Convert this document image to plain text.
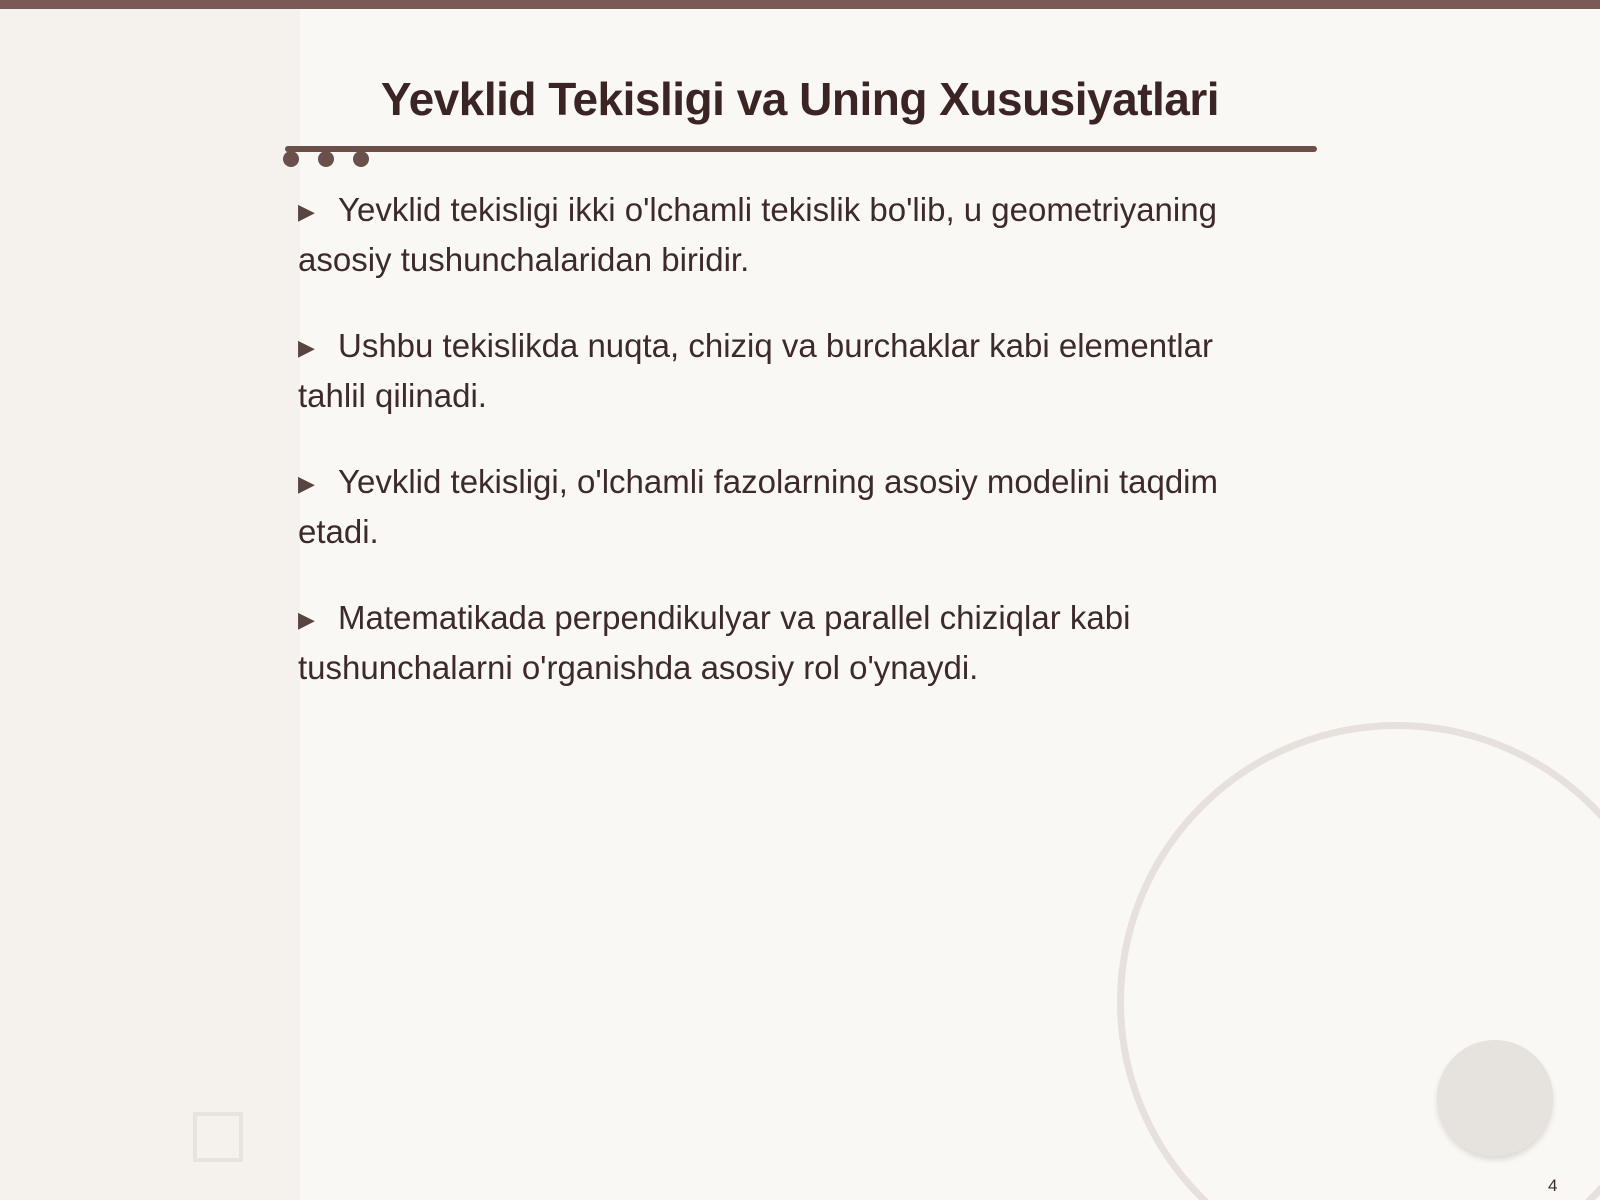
Yevklid Tekisligi va Uning Xususiyatlari
▶ Yevklid tekisligi ikki o'lchamli tekislik bo'lib, u geometriyaning asosiy tushunchalaridan biridir.
▶ Ushbu tekislikda nuqta, chiziq va burchaklar kabi elementlar tahlil qilinadi.
▶ Yevklid tekisligi, o'lchamli fazolarning asosiy modelini taqdim etadi.
▶ Matematikada perpendikulyar va parallel chiziqlar kabi tushunchalarni o'rganishda asosiy rol o'ynaydi.
4
